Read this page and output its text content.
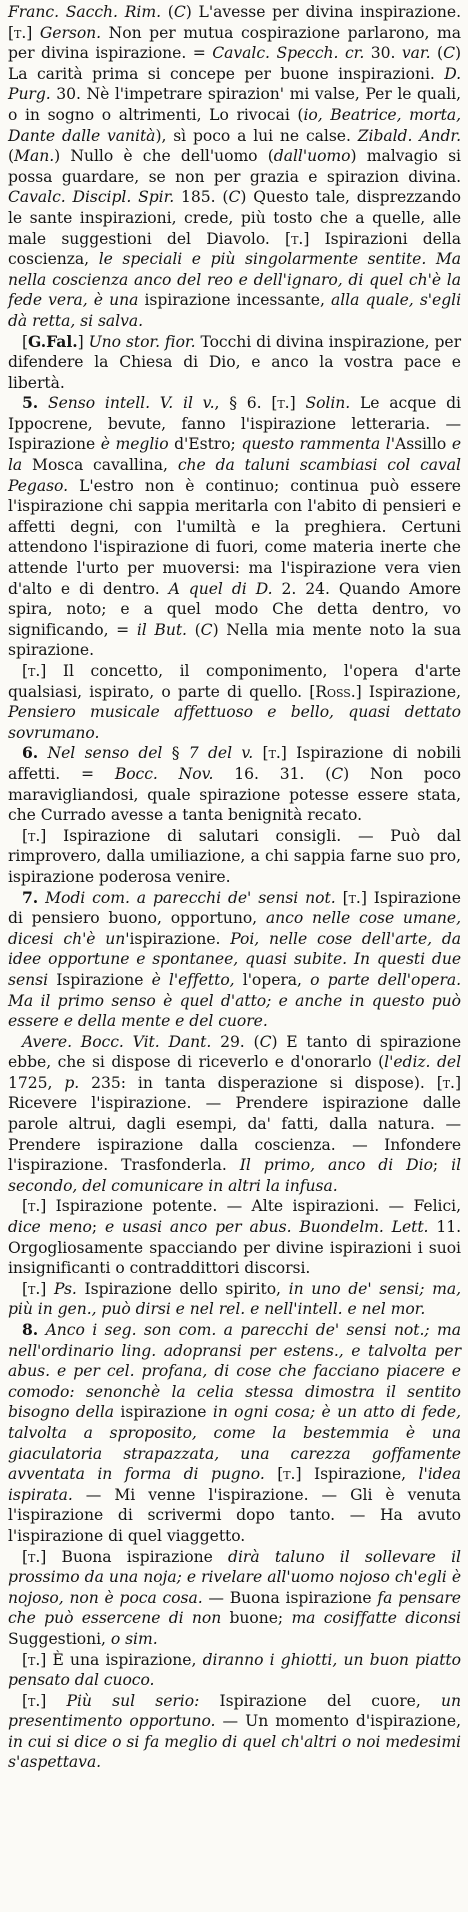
Franc. Sacch. Rim. (C) L'avesse per divina inspirazione. [t.] Gerson. Non per mutua cospirazione parlarono, ma per divina ispirazione. = Cavalc. Specch. cr. 30. var. (C) La carità prima si concepe per buone inspirazioni. D. Purg. 30. Nè l'impetrare spirazion' mi valse, Per le quali, o in sogno o altrimenti, Lo rivocai (io, Beatrice, morta, Dante dalle vanità), sì poco a lui ne calse. Zibald. Andr. (Man.) Nullo è che dell'uomo (dall'uomo) malvagio si possa guardare, se non per grazia e spirazion divina. Cavalc. Discipl. Spir. 185. (C) Questo tale, disprezzando le sante inspirazioni, crede, più tosto che a quelle, alle male suggestioni del Diavolo. [t.] Ispirazioni della coscienza, le speciali e più singolarmente sentite. Ma nella coscienza anco del reo e dell'ignaro, di quel ch'è la fede vera, è una ispirazione incessante, alla quale, s'egli dà retta, si salva.

[G.Fal.] Uno stor. fior. Tocchi di divina inspirazione, per difendere la Chiesa di Dio, e anco la vostra pace e libertà.

5. Senso intell. V. il v., § 6. [t.] Solin. Le acque di Ippocrene, bevute, fanno l'ispirazione letteraria. — Ispirazione è meglio d'Estro; questo rammenta l'Assillo e la Mosca cavallina, che da taluni scambiasi col caval Pegaso. L'estro non è continuo; continua può essere l'ispirazione chi sappia meritarla con l'abito di pensieri e affetti degni, con l'umiltà e la preghiera. Certuni attendono l'ispirazione di fuori, come materia inerte che attende l'urto per muoversi: ma l'ispirazione vera vien d'alto e di dentro. A quel di D. 2. 24. Quando Amore spira, noto; e a quel modo Che detta dentro, vo significando, = il But. (C) Nella mia mente noto la sua spirazione.

[t.] Il concetto, il componimento, l'opera d'arte qualsiasi, ispirato, o parte di quello. [Ross.] Ispirazione, Pensiero musicale affettuoso e bello, quasi dettato sovrumano.

6. Nel senso del § 7 del v. [t.] Ispirazione di nobili affetti. = Bocc. Nov. 16. 31. (C) Non poco maravigliandosi, quale spirazione potesse essere stata, che Currado avesse a tanta benignità recato.

[t.] Ispirazione di salutari consigli. — Può dal rimprovero, dalla umiliazione, a chi sappia farne suo pro, ispirazione poderosa venire.

7. Modi com. a parecchi de' sensi not. [t.] Ispirazione di pensiero buono, opportuno, anco nelle cose umane, dicesi ch'è un'ispirazione. Poi, nelle cose dell'arte, da idee opportune e spontanee, quasi subite. In questi due sensi Ispirazione è l'effetto, l'opera, o parte dell'opera. Ma il primo senso è quel d'atto; e anche in questo può essere e della mente e del cuore.

Avere. Bocc. Vit. Dant. 29. (C) E tanto di spirazione ebbe, che si dispose di riceverlo e d'onorarlo (l'ediz. del 1725, p. 235: in tanta disperazione si dispose). [t.] Ricevere l'ispirazione. — Prendere ispirazione dalle parole altrui, dagli esempi, da' fatti, dalla natura. — Prendere ispirazione dalla coscienza. — Infondere l'ispirazione. Trasfonderla. Il primo, anco di Dio; il secondo, del comunicare in altri la infusa.

[t.] Ispirazione potente. — Alte ispirazioni. — Felici, dice meno; e usasi anco per abus. Buondelm. Lett. 11. Orgogliosamente spacciando per divine ispirazioni i suoi insignificanti o contraddittori discorsi.

[t.] Ps. Ispirazione dello spirito, in uno de' sensi; ma, più in gen., può dirsi e nel rel. e nell'intell. e nel mor.

8. Anco i seg. son com. a parecchi de' sensi not.; ma nell'ordinario ling. adopransi per estens., e talvolta per abus. e per cel. profana, di cose che facciano piacere e comodo: senonchè la celia stessa dimostra il sentito bisogno della ispirazione in ogni cosa; è un atto di fede, talvolta a sproposito, come la bestemmia è una giaculatoria strapazzata, una carezza goffamente avventata in forma di pugno. [t.] Ispirazione, l'idea ispirata. — Mi venne l'ispirazione. — Gli è venuta l'ispirazione di scrivermi dopo tanto. — Ha avuto l'ispirazione di quel viaggetto.

[t.] Buona ispirazione dirà taluno il sollevare il prossimo da una noja; e rivelare all'uomo nojoso ch'egli è nojoso, non è poca cosa. — Buona ispirazione fa pensare che può essercene di non buone; ma cosiffatte diconsi Suggestioni, o sim.

[t.] È una ispirazione, diranno i ghiotti, un buon piatto pensato dal cuoco.

[t.] Più sul serio: Ispirazione del cuore, un presentimento opportuno. — Un momento d'ispirazione, in cui si dice o si fa meglio di quel ch'altri o noi medesimi s'aspettava.
